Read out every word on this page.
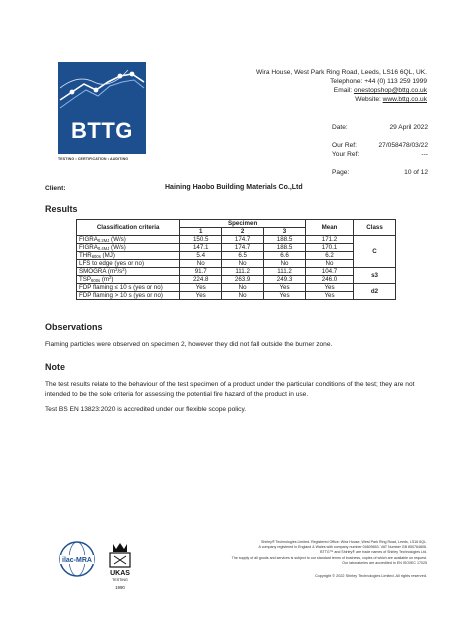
BTTG
TESTING • CERTIFICATION • AUDITING
Wira House, West Park Ring Road, Leeds, LS16 6QL, UK.
Telephone: +44 (0) 113 259 1999
Email: onestopshop@bttg.co.uk
Website: www.bttg.co.uk
Date:	29 April 2022
Our Ref:	27/058478/03/22
Your Ref:	---
Page:	10 of 12
Client:	Haining Haobo Building Materials Co.,Ltd
Results
Classification criteria	Specimen			Mean	Class
	1	2	3		
$FIGRA_{0.2MJ}$ (W/s)	150.5	174.7	188.5	171.2	C
$FIGRA_{0.4MJ}$ (W/s)	147.1	174.7	188.5	170.1	
$THR_{600s}$ (MJ)	5.4	6.5	6.6	6.2	
LFS to edge (yes or no)	No	No	No	No	
SMOGRA $(m^2/s^2)$	91.7	111.2	111.2	104.7	s3
$TSP_{600s}$ $(m^2)$	224.8	263.9	249.3	246.0	
FDP flaming ≤ 10 s (yes or no)	Yes	No	Yes	Yes	d2
FDP flaming > 10 s (yes or no)	Yes	No	Yes	Yes	
Observations
Flaming particles were observed on specimen 2, however they did not fall outside the burner zone.
Note
The test results relate to the behaviour of the test specimen of a product under the particular conditions of the test; they are not intended to be the sole criteria for assessing the potential fire hazard of the product in use.
Test BS EN 13823:2020 is accredited under our flexible scope policy.
ilac-MRA
UKAS
TESTING
1990
Shirley® Technologies Limited. Registered Office: Wira House, West Park Ring Road, Leeds, LS16 6QL.
A company registered in England & Wales with company number 04609653. VAT Number GB 850764806.
BTTG™ and Shirley® are trade names of Shirley Technologies Ltd.
The supply of all goods and services is subject to our standard terms of business, copies of which are available on request.
Our laboratories are accredited to EN ISO/IEC 17025
Copyright © 2022 Shirley Technologies Limited. All rights reserved.
